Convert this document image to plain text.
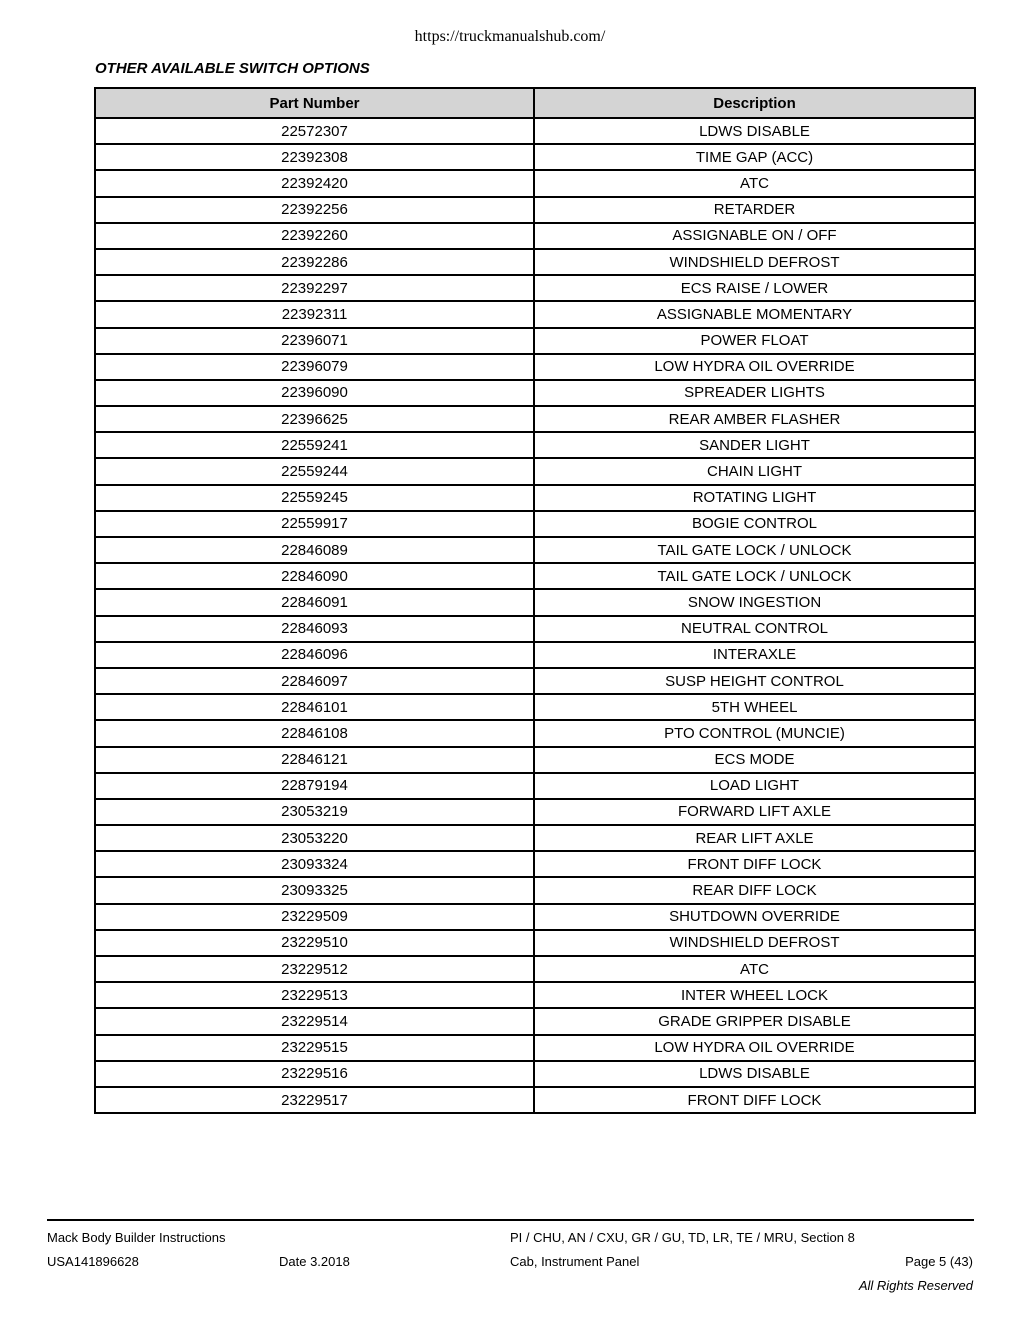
https://truckmanualshub.com/
OTHER AVAILABLE SWITCH OPTIONS
Part Number	Description
22572307	LDWS DISABLE
22392308	TIME GAP (ACC)
22392420	ATC
22392256	RETARDER
22392260	ASSIGNABLE ON / OFF
22392286	WINDSHIELD DEFROST
22392297	ECS RAISE / LOWER
22392311	ASSIGNABLE MOMENTARY
22396071	POWER FLOAT
22396079	LOW HYDRA OIL OVERRIDE
22396090	SPREADER LIGHTS
22396625	REAR AMBER FLASHER
22559241	SANDER LIGHT
22559244	CHAIN LIGHT
22559245	ROTATING LIGHT
22559917	BOGIE CONTROL
22846089	TAIL GATE LOCK / UNLOCK
22846090	TAIL GATE LOCK / UNLOCK
22846091	SNOW INGESTION
22846093	NEUTRAL CONTROL
22846096	INTERAXLE
22846097	SUSP HEIGHT CONTROL
22846101	5TH WHEEL
22846108	PTO CONTROL (MUNCIE)
22846121	ECS MODE
22879194	LOAD LIGHT
23053219	FORWARD LIFT AXLE
23053220	REAR LIFT AXLE
23093324	FRONT DIFF LOCK
23093325	REAR DIFF LOCK
23229509	SHUTDOWN OVERRIDE
23229510	WINDSHIELD DEFROST
23229512	ATC
23229513	INTER WHEEL LOCK
23229514	GRADE GRIPPER DISABLE
23229515	LOW HYDRA OIL OVERRIDE
23229516	LDWS DISABLE
23229517	FRONT DIFF LOCK
Mack Body Builder Instructions	PI / CHU, AN / CXU, GR / GU, TD, LR, TE / MRU, Section 8
USA141896628	Date 3.2018	Cab, Instrument Panel	Page 5 (43)
All Rights Reserved
